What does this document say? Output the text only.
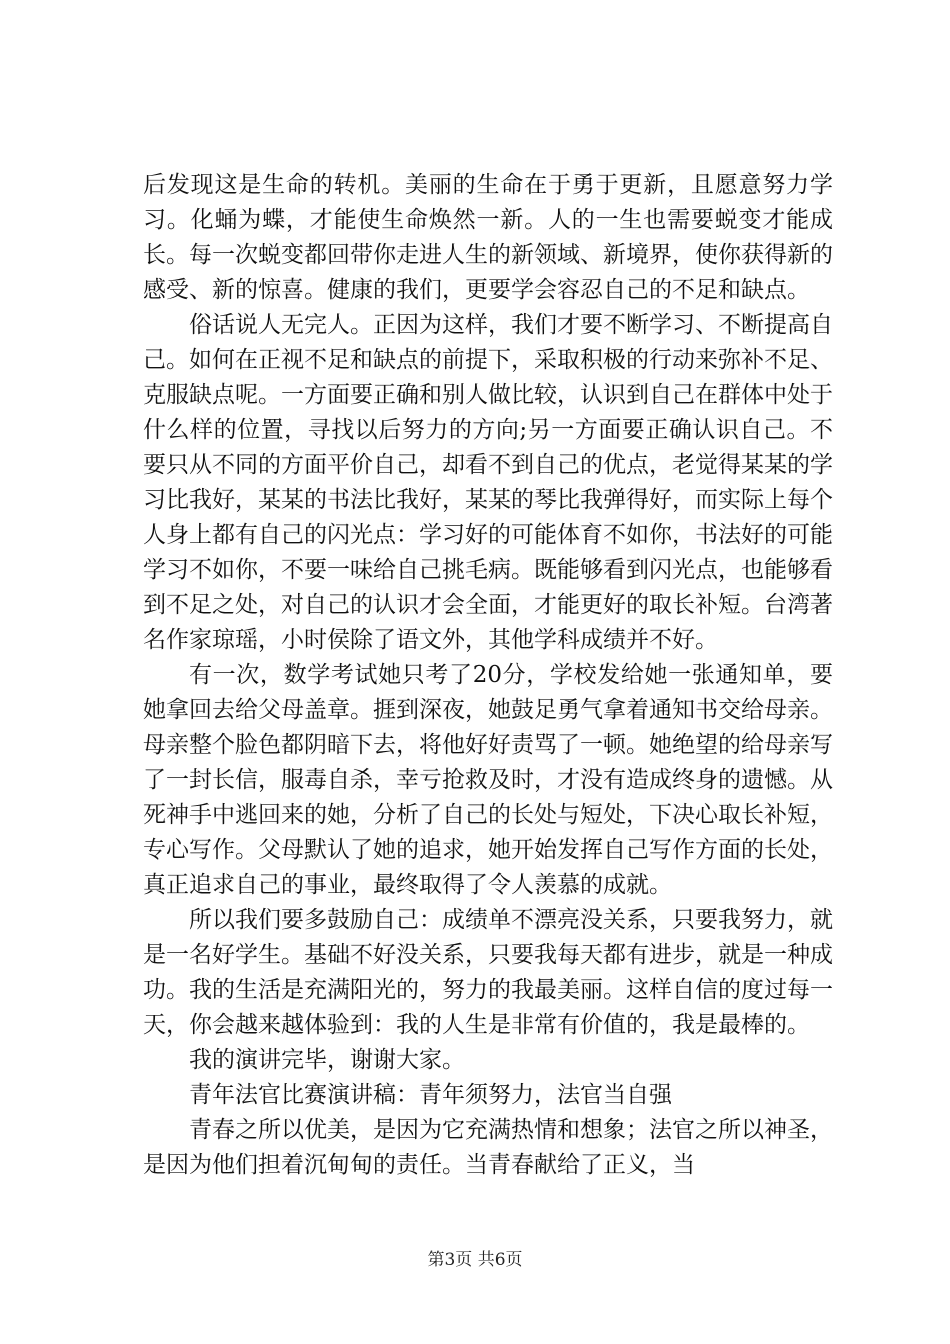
后发现这是生命的转机。美丽的生命在于勇于更新，且愿意努力学习。化蛹为蝶，才能使生命焕然一新。人的一生也需要蜕变才能成长。每一次蜕变都回带你走进人生的新领域、新境界，使你获得新的感受、新的惊喜。健康的我们，更要学会容忍自己的不足和缺点。

俗话说人无完人。正因为这样，我们才要不断学习、不断提高自己。如何在正视不足和缺点的前提下，采取积极的行动来弥补不足、克服缺点呢。一方面要正确和别人做比较，认识到自己在群体中处于什么样的位置，寻找以后努力的方向;另一方面要正确认识自己。不要只从不同的方面平价自己，却看不到自己的优点，老觉得某某的学习比我好，某某的书法比我好，某某的琴比我弹得好，而实际上每个人身上都有自己的闪光点：学习好的可能体育不如你，书法好的可能学习不如你，不要一味给自己挑毛病。既能够看到闪光点，也能够看到不足之处，对自己的认识才会全面，才能更好的取长补短。台湾著名作家琼瑶，小时侯除了语文外，其他学科成绩并不好。

有一次，数学考试她只考了20分，学校发给她一张通知单，要她拿回去给父母盖章。捱到深夜，她鼓足勇气拿着通知书交给母亲。母亲整个脸色都阴暗下去，将他好好责骂了一顿。她绝望的给母亲写了一封长信，服毒自杀，幸亏抢救及时，才没有造成终身的遗憾。从死神手中逃回来的她，分析了自己的长处与短处，下决心取长补短，专心写作。父母默认了她的追求，她开始发挥自己写作方面的长处，真正追求自己的事业，最终取得了令人羡慕的成就。

所以我们要多鼓励自己：成绩单不漂亮没关系，只要我努力，就是一名好学生。基础不好没关系，只要我每天都有进步，就是一种成功。我的生活是充满阳光的，努力的我最美丽。这样自信的度过每一天，你会越来越体验到：我的人生是非常有价值的，我是最棒的。

我的演讲完毕，谢谢大家。

青年法官比赛演讲稿：青年须努力，法官当自强

青春之所以优美，是因为它充满热情和想象；法官之所以神圣，是因为他们担着沉甸甸的责任。当青春献给了正义，当

第3页 共6页
